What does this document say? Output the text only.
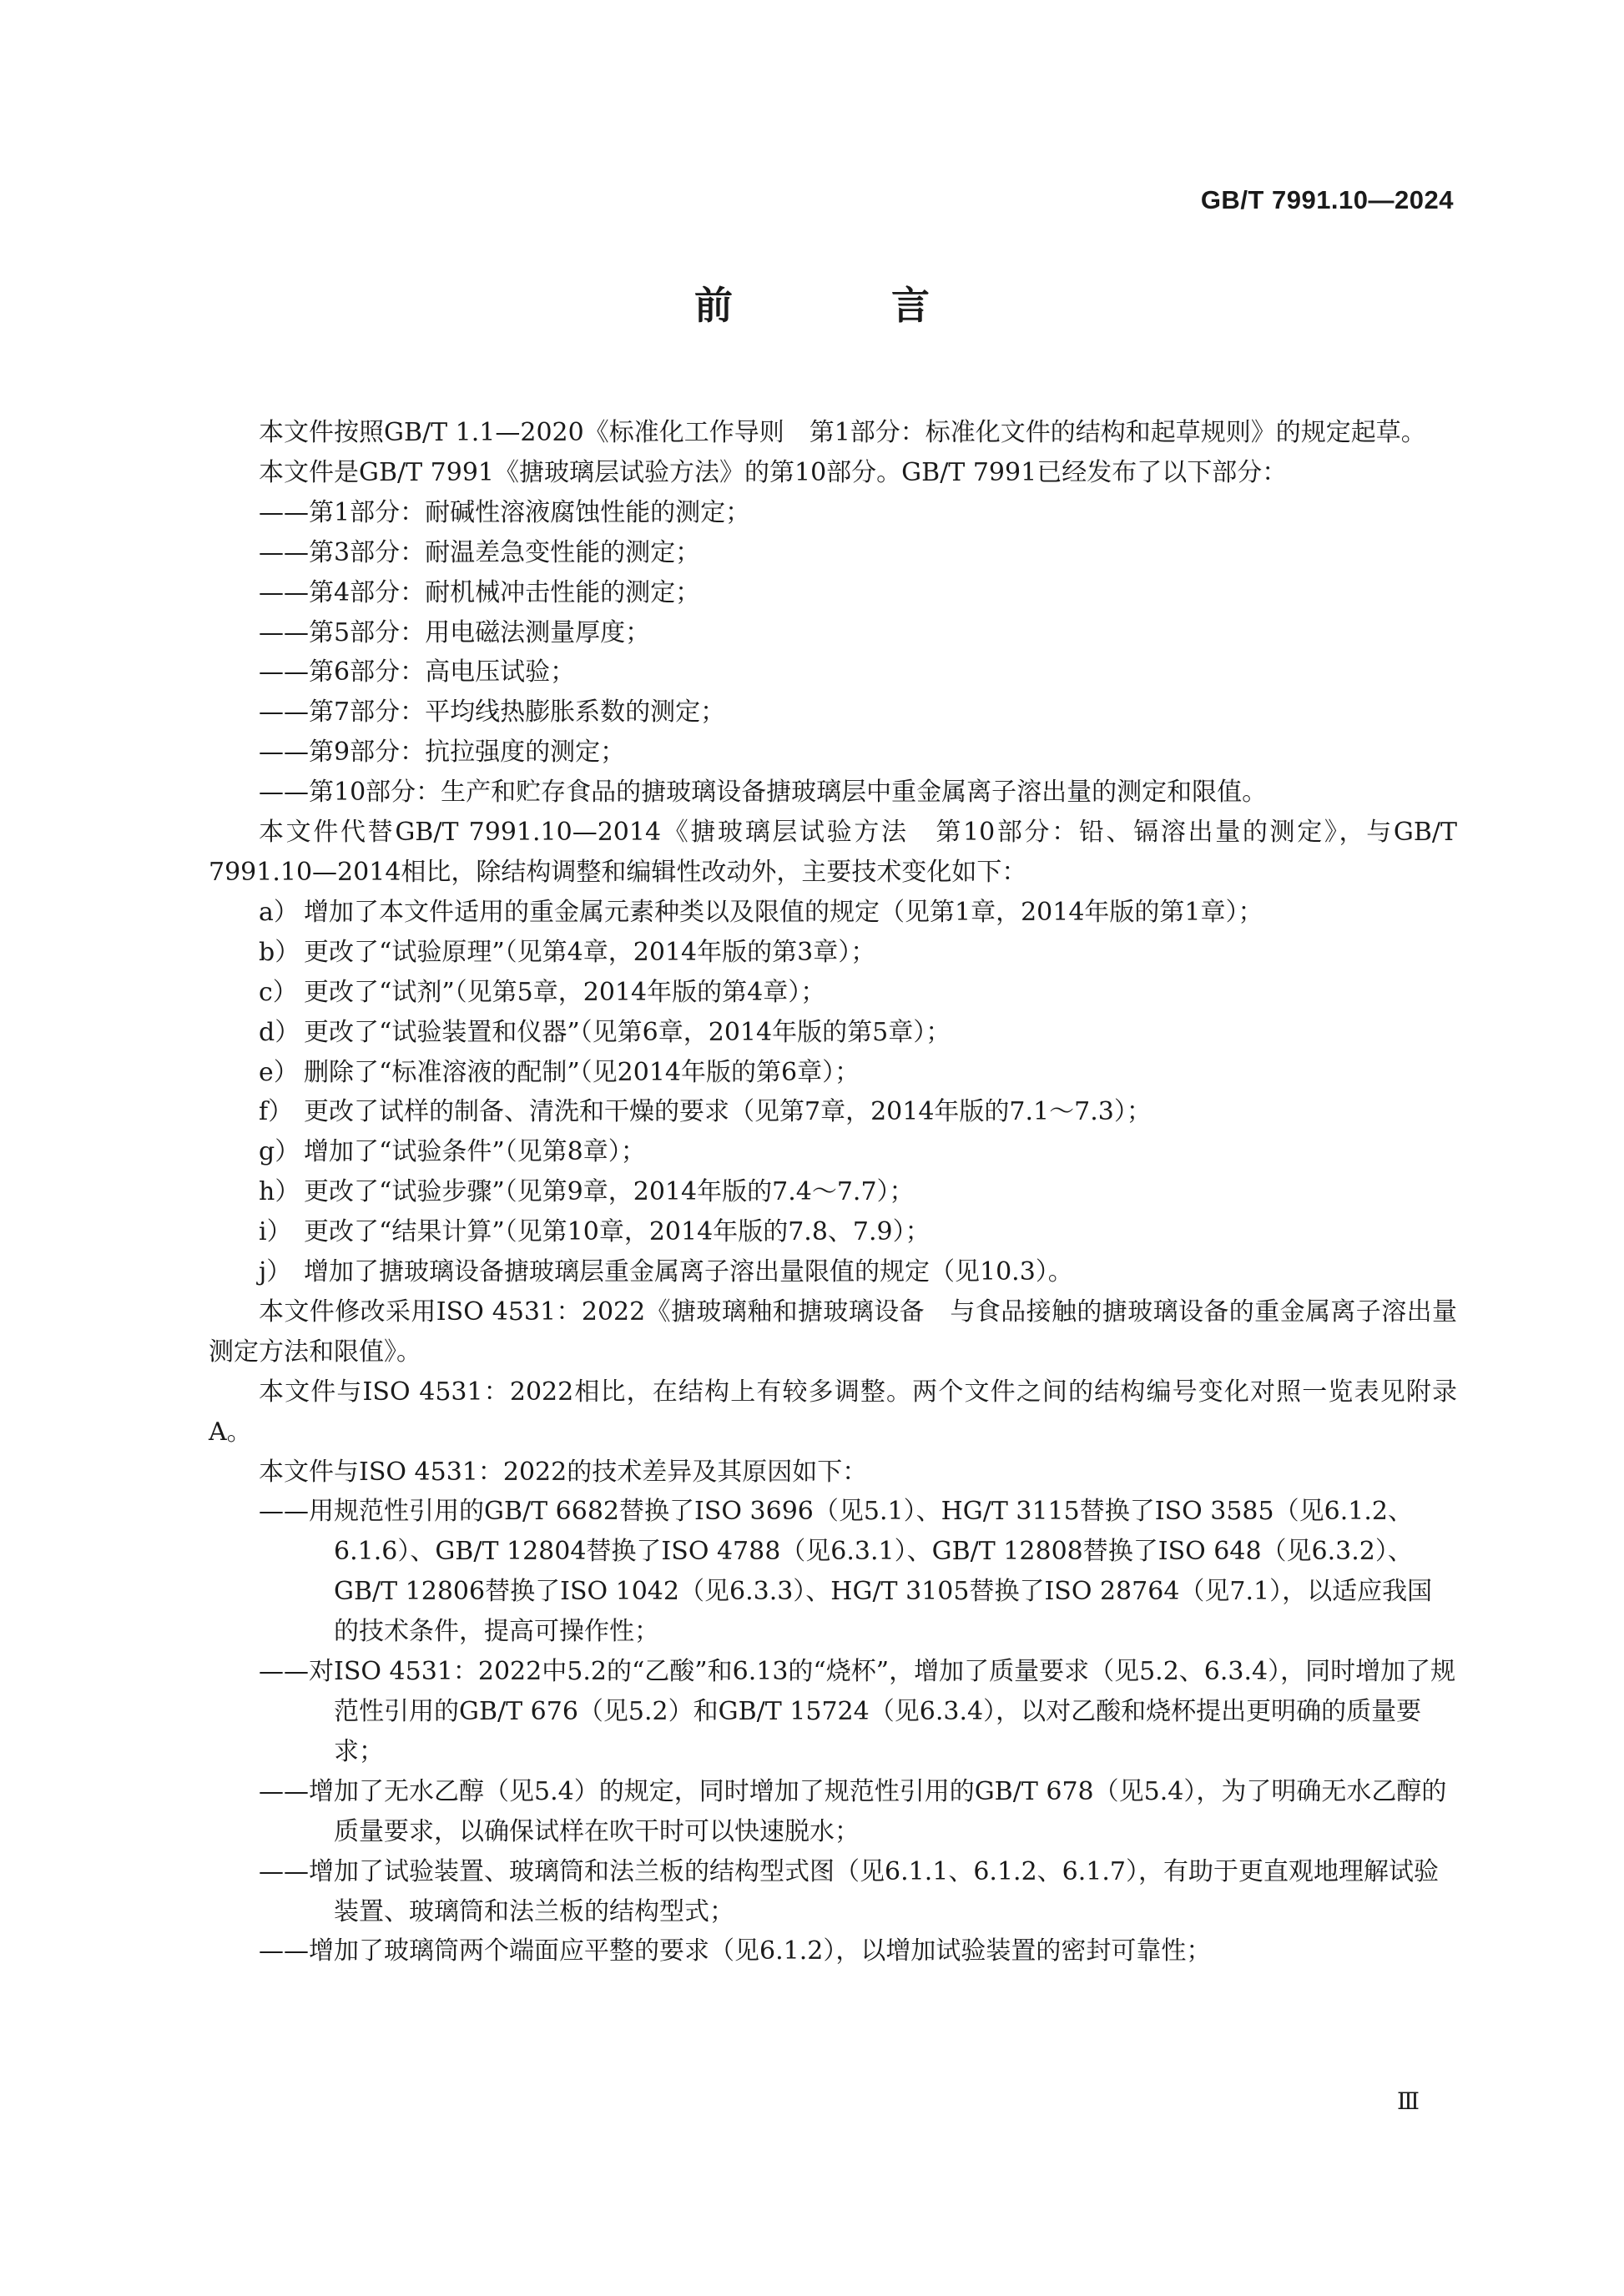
GB/T 7991.10—2024
前　言

本文件按照GB/T 1.1—2020《标准化工作导则　第1部分：标准化文件的结构和起草规则》的规定起草。

本文件是GB/T 7991《搪玻璃层试验方法》的第10部分。GB/T 7991已经发布了以下部分：

—— 第1部分：耐碱性溶液腐蚀性能的测定；

—— 第3部分：耐温差急变性能的测定；

—— 第4部分：耐机械冲击性能的测定；

—— 第5部分：用电磁法测量厚度；

—— 第6部分：高电压试验；

—— 第7部分：平均线热膨胀系数的测定；

—— 第9部分：抗拉强度的测定；

—— 第10部分：生产和贮存食品的搪玻璃设备搪玻璃层中重金属离子溶出量的测定和限值。

本文件代替GB/T 7991.10—2014《搪玻璃层试验方法　第10部分：铅、镉溶出量的测定》，与GB/T 7991.10—2014相比，除结构调整和编辑性改动外，主要技术变化如下：

a） 增加了本文件适用的重金属元素种类以及限值的规定（见第1章，2014年版的第1章）；

b） 更改了“试验原理”（见第4章，2014年版的第3章）；

c） 更改了“试剂”（见第5章，2014年版的第4章）；

d） 更改了“试验装置和仪器”（见第6章，2014年版的第5章）；

e） 删除了“标准溶液的配制”（见2014年版的第6章）；

f） 更改了试样的制备、清洗和干燥的要求（见第7章，2014年版的7.1～7.3）；

g） 增加了“试验条件”（见第8章）；

h） 更改了“试验步骤”（见第9章，2014年版的7.4～7.7）；

i） 更改了“结果计算”（见第10章，2014年版的7.8、7.9）；

j） 增加了搪玻璃设备搪玻璃层重金属离子溶出量限值的规定（见10.3）。

本文件修改采用ISO 4531：2022《搪玻璃釉和搪玻璃设备　与食品接触的搪玻璃设备的重金属离子溶出量　测定方法和限值》。

本文件与ISO 4531：2022相比，在结构上有较多调整。两个文件之间的结构编号变化对照一览表见附录A。

本文件与ISO 4531：2022的技术差异及其原因如下：

—— 用规范性引用的GB/T 6682替换了ISO 3696（见5.1）、HG/T 3115替换了ISO 3585（见6.1.2、6.1.6）、GB/T 12804替换了ISO 4788（见6.3.1）、GB/T 12808替换了ISO 648（见6.3.2）、GB/T 12806替换了ISO 1042（见6.3.3）、HG/T 3105替换了ISO 28764（见7.1），以适应我国的技术条件，提高可操作性；

—— 对ISO 4531：2022中5.2的“乙酸”和6.13的“烧杯”，增加了质量要求（见5.2、6.3.4），同时增加了规范性引用的GB/T 676（见5.2）和GB/T 15724（见6.3.4），以对乙酸和烧杯提出更明确的质量要求；

—— 增加了无水乙醇（见5.4）的规定，同时增加了规范性引用的GB/T 678（见5.4），为了明确无水乙醇的质量要求，以确保试样在吹干时可以快速脱水；

—— 增加了试验装置、玻璃筒和法兰板的结构型式图（见6.1.1、6.1.2、6.1.7），有助于更直观地理解试验装置、玻璃筒和法兰板的结构型式；

—— 增加了玻璃筒两个端面应平整的要求（见6.1.2），以增加试验装置的密封可靠性；

Ⅲ
